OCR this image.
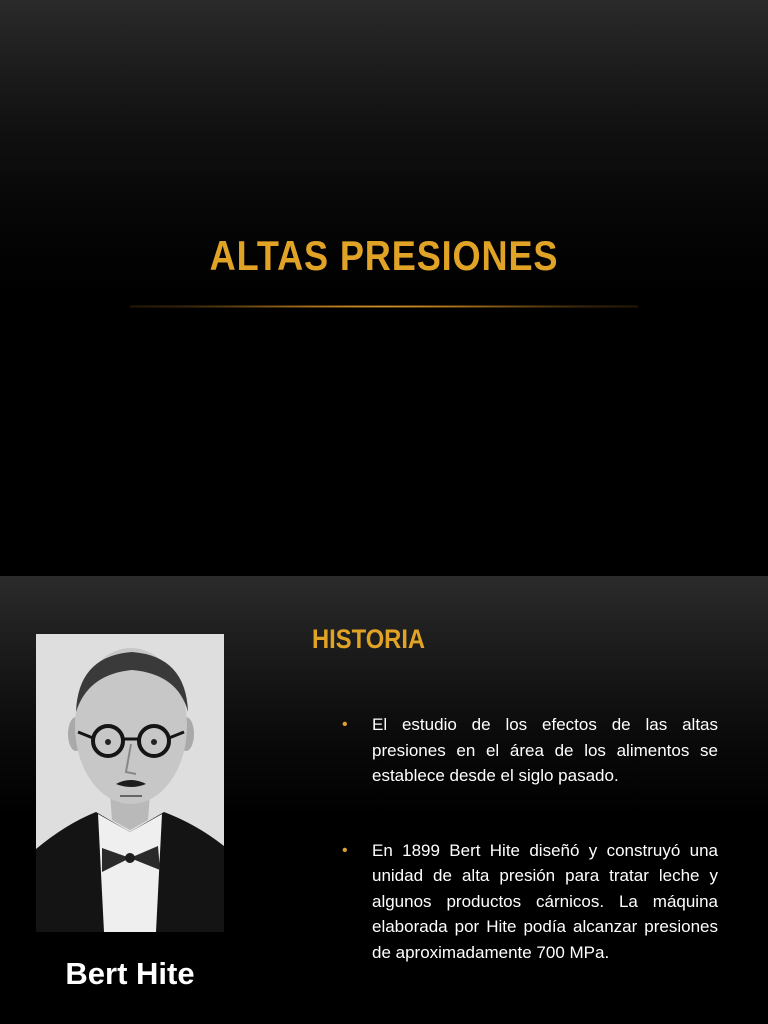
ALTAS PRESIONES
Bert Hite
HISTORIA
• El estudio de los efectos de las altas presiones en el área de los alimentos se establece desde el siglo pasado.
• En 1899 Bert Hite diseñó y construyó una unidad de alta presión para tratar leche y algunos productos cárnicos. La máquina elaborada por Hite podía alcanzar presiones de aproximadamente 700 MPa.
